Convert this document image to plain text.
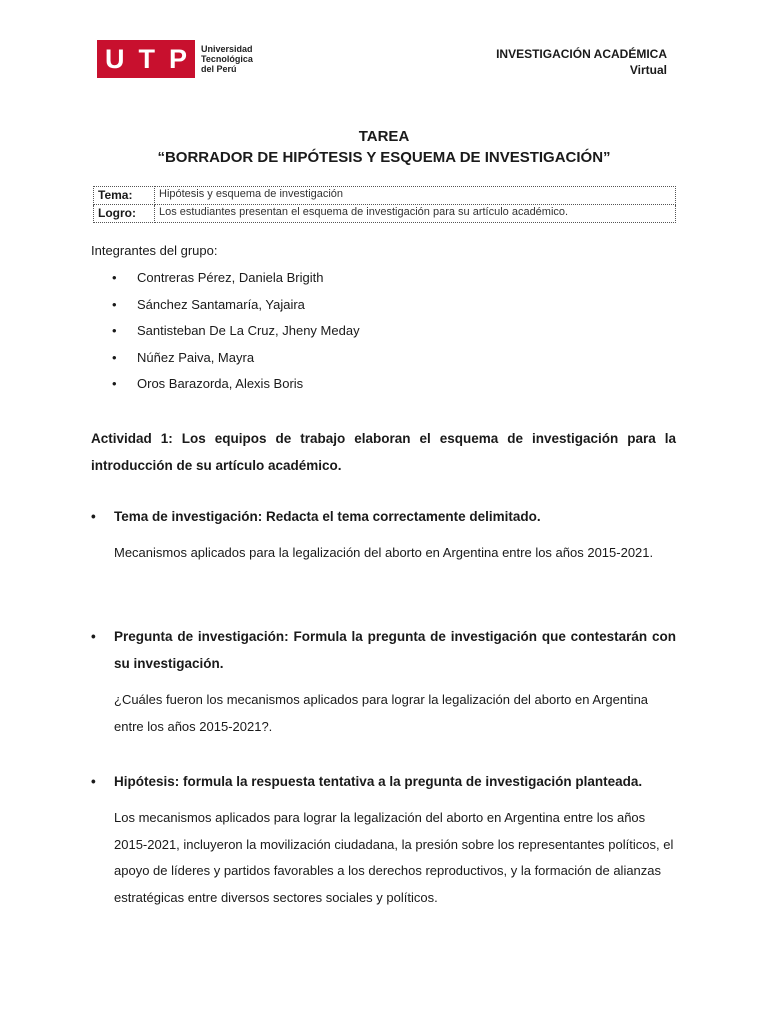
U T P Universidad
Tecnológica
del Perú
INVESTIGACIÓN ACADÉMICA
Virtual
TAREA
“BORRADOR DE HIPÓTESIS Y ESQUEMA DE INVESTIGACIÓN”
Tema:	Hipótesis y esquema de investigación
Logro:	Los estudiantes presentan el esquema de investigación para su artículo académico.
Integrantes del grupo:
•	Contreras Pérez, Daniela Brigith
•	Sánchez Santamaría, Yajaira
•	Santisteban De La Cruz, Jheny Meday
•	Núñez Paiva, Mayra
•	Oros Barazorda, Alexis Boris
Actividad 1: Los equipos de trabajo elaboran el esquema de investigación para la introducción de su artículo académico.
•	Tema de investigación: Redacta el tema correctamente delimitado.
Mecanismos aplicados para la legalización del aborto en Argentina entre los años 2015-2021.
•	Pregunta de investigación: Formula la pregunta de investigación que contestarán con su investigación.
¿Cuáles fueron los mecanismos aplicados para lograr la legalización del aborto en Argentina entre los años 2015-2021?.
•	Hipótesis: formula la respuesta tentativa a la pregunta de investigación planteada.
Los mecanismos aplicados para lograr la legalización del aborto en Argentina entre los años 2015-2021, incluyeron la movilización ciudadana, la presión sobre los representantes políticos, el apoyo de líderes y partidos favorables a los derechos reproductivos, y la formación de alianzas estratégicas entre diversos sectores sociales y políticos.
